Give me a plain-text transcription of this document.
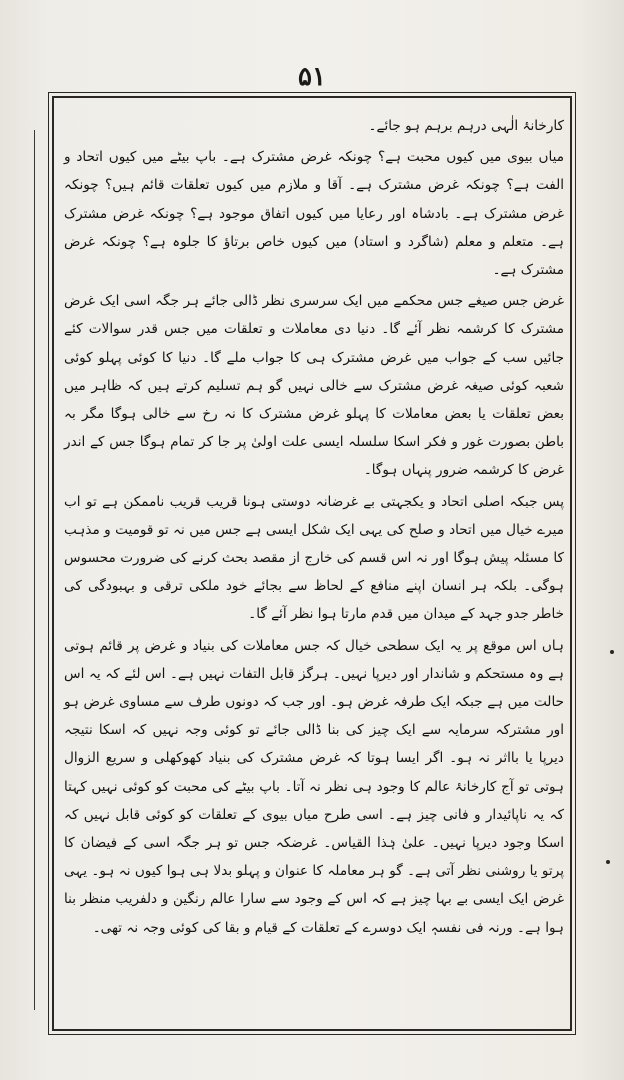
۵۱

کارخانۂ الٰہی درہم برہم ہو جائے۔

میاں بیوی میں کیوں محبت ہے؟ چونکہ غرض مشترک ہے۔ باپ بیٹے میں کیوں اتحاد و الفت ہے؟ چونکہ غرض مشترک ہے۔ آقا و ملازم میں کیوں تعلقات قائم ہیں؟ چونکہ غرض مشترک ہے۔ بادشاہ اور رعایا میں کیوں اتفاق موجود ہے؟ چونکہ غرض مشترک ہے۔ متعلم و معلم (شاگرد و استاد) میں کیوں خاص برتاؤ کا جلوہ ہے؟ چونکہ غرض مشترک ہے۔

غرض جس صیغے جس محکمے میں ایک سرسری نظر ڈالی جائے ہر جگہ اسی ایک غرض مشترک کا کرشمہ نظر آئے گا۔ دنیا دی معاملات و تعلقات میں جس قدر سوالات کئے جائیں سب کے جواب میں غرض مشترک ہی کا جواب ملے گا۔ دنیا کا کوئی پہلو کوئی شعبہ کوئی صیغہ غرض مشترک سے خالی نہیں گو ہم تسلیم کرتے ہیں کہ ظاہر میں بعض تعلقات یا بعض معاملات کا پہلو غرض مشترک کا نہ رخ سے خالی ہوگا مگر بہ باطن بصورت غور و فکر اسکا سلسلہ ایسی علت اولیٰ پر جا کر تمام ہوگا جس کے اندر غرض کا کرشمہ ضرور پنہاں ہوگا۔

پس جبکہ اصلی اتحاد و یکجہتی بے غرضانہ دوستی ہونا قریب قریب ناممکن ہے تو اب میرے خیال میں اتحاد و صلح کی یہی ایک شکل ایسی ہے جس میں نہ تو قومیت و مذہب کا مسئلہ پیش ہوگا اور نہ اس قسم کی خارج از مقصد بحث کرنے کی ضرورت محسوس ہوگی۔ بلکہ ہر انسان اپنے منافع کے لحاظ سے بجائے خود ملکی ترقی و بہبودگی کی خاطر جدو جہد کے میدان میں قدم مارتا ہوا نظر آئے گا۔

ہاں اس موقع پر یہ ایک سطحی خیال کہ جس معاملات کی بنیاد و غرض پر قائم ہوتی ہے وہ مستحکم و شاندار اور دیرپا نہیں۔ ہرگز قابل التفات نہیں ہے۔ اس لئے کہ یہ اس حالت میں ہے جبکہ ایک طرفہ غرض ہو۔ اور جب کہ دونوں طرف سے مساوی غرض ہو اور مشترکہ سرمایہ سے ایک چیز کی بنا ڈالی جائے تو کوئی وجہ نہیں کہ اسکا نتیجہ دیرپا یا بااثر نہ ہو۔ اگر ایسا ہوتا کہ غرض مشترک کی بنیاد کھوکھلی و سریع الزوال ہوتی تو آج کارخانۂ عالم کا وجود ہی نظر نہ آتا۔ باپ بیٹے کی محبت کو کوئی نہیں کہتا کہ یہ ناپائیدار و فانی چیز ہے۔ اسی طرح میاں بیوی کے تعلقات کو کوئی قابل نہیں کہ اسکا وجود دیرپا نہیں۔ علیٰ ہٰذا القیاس۔ غرضکہ جس تو ہر جگہ اسی کے فیضان کا پرتو یا روشنی نظر آتی ہے۔ گو ہر معاملہ کا عنوان و پہلو بدلا ہی ہوا کیوں نہ ہو۔ یہی غرض ایک ایسی بے بہا چیز ہے کہ اس کے وجود سے سارا عالم رنگین و دلفریب منظر بنا ہوا ہے۔ ورنہ فی نفسہٖ ایک دوسرے کے تعلقات کے قیام و بقا کی کوئی وجہ نہ تھی۔
